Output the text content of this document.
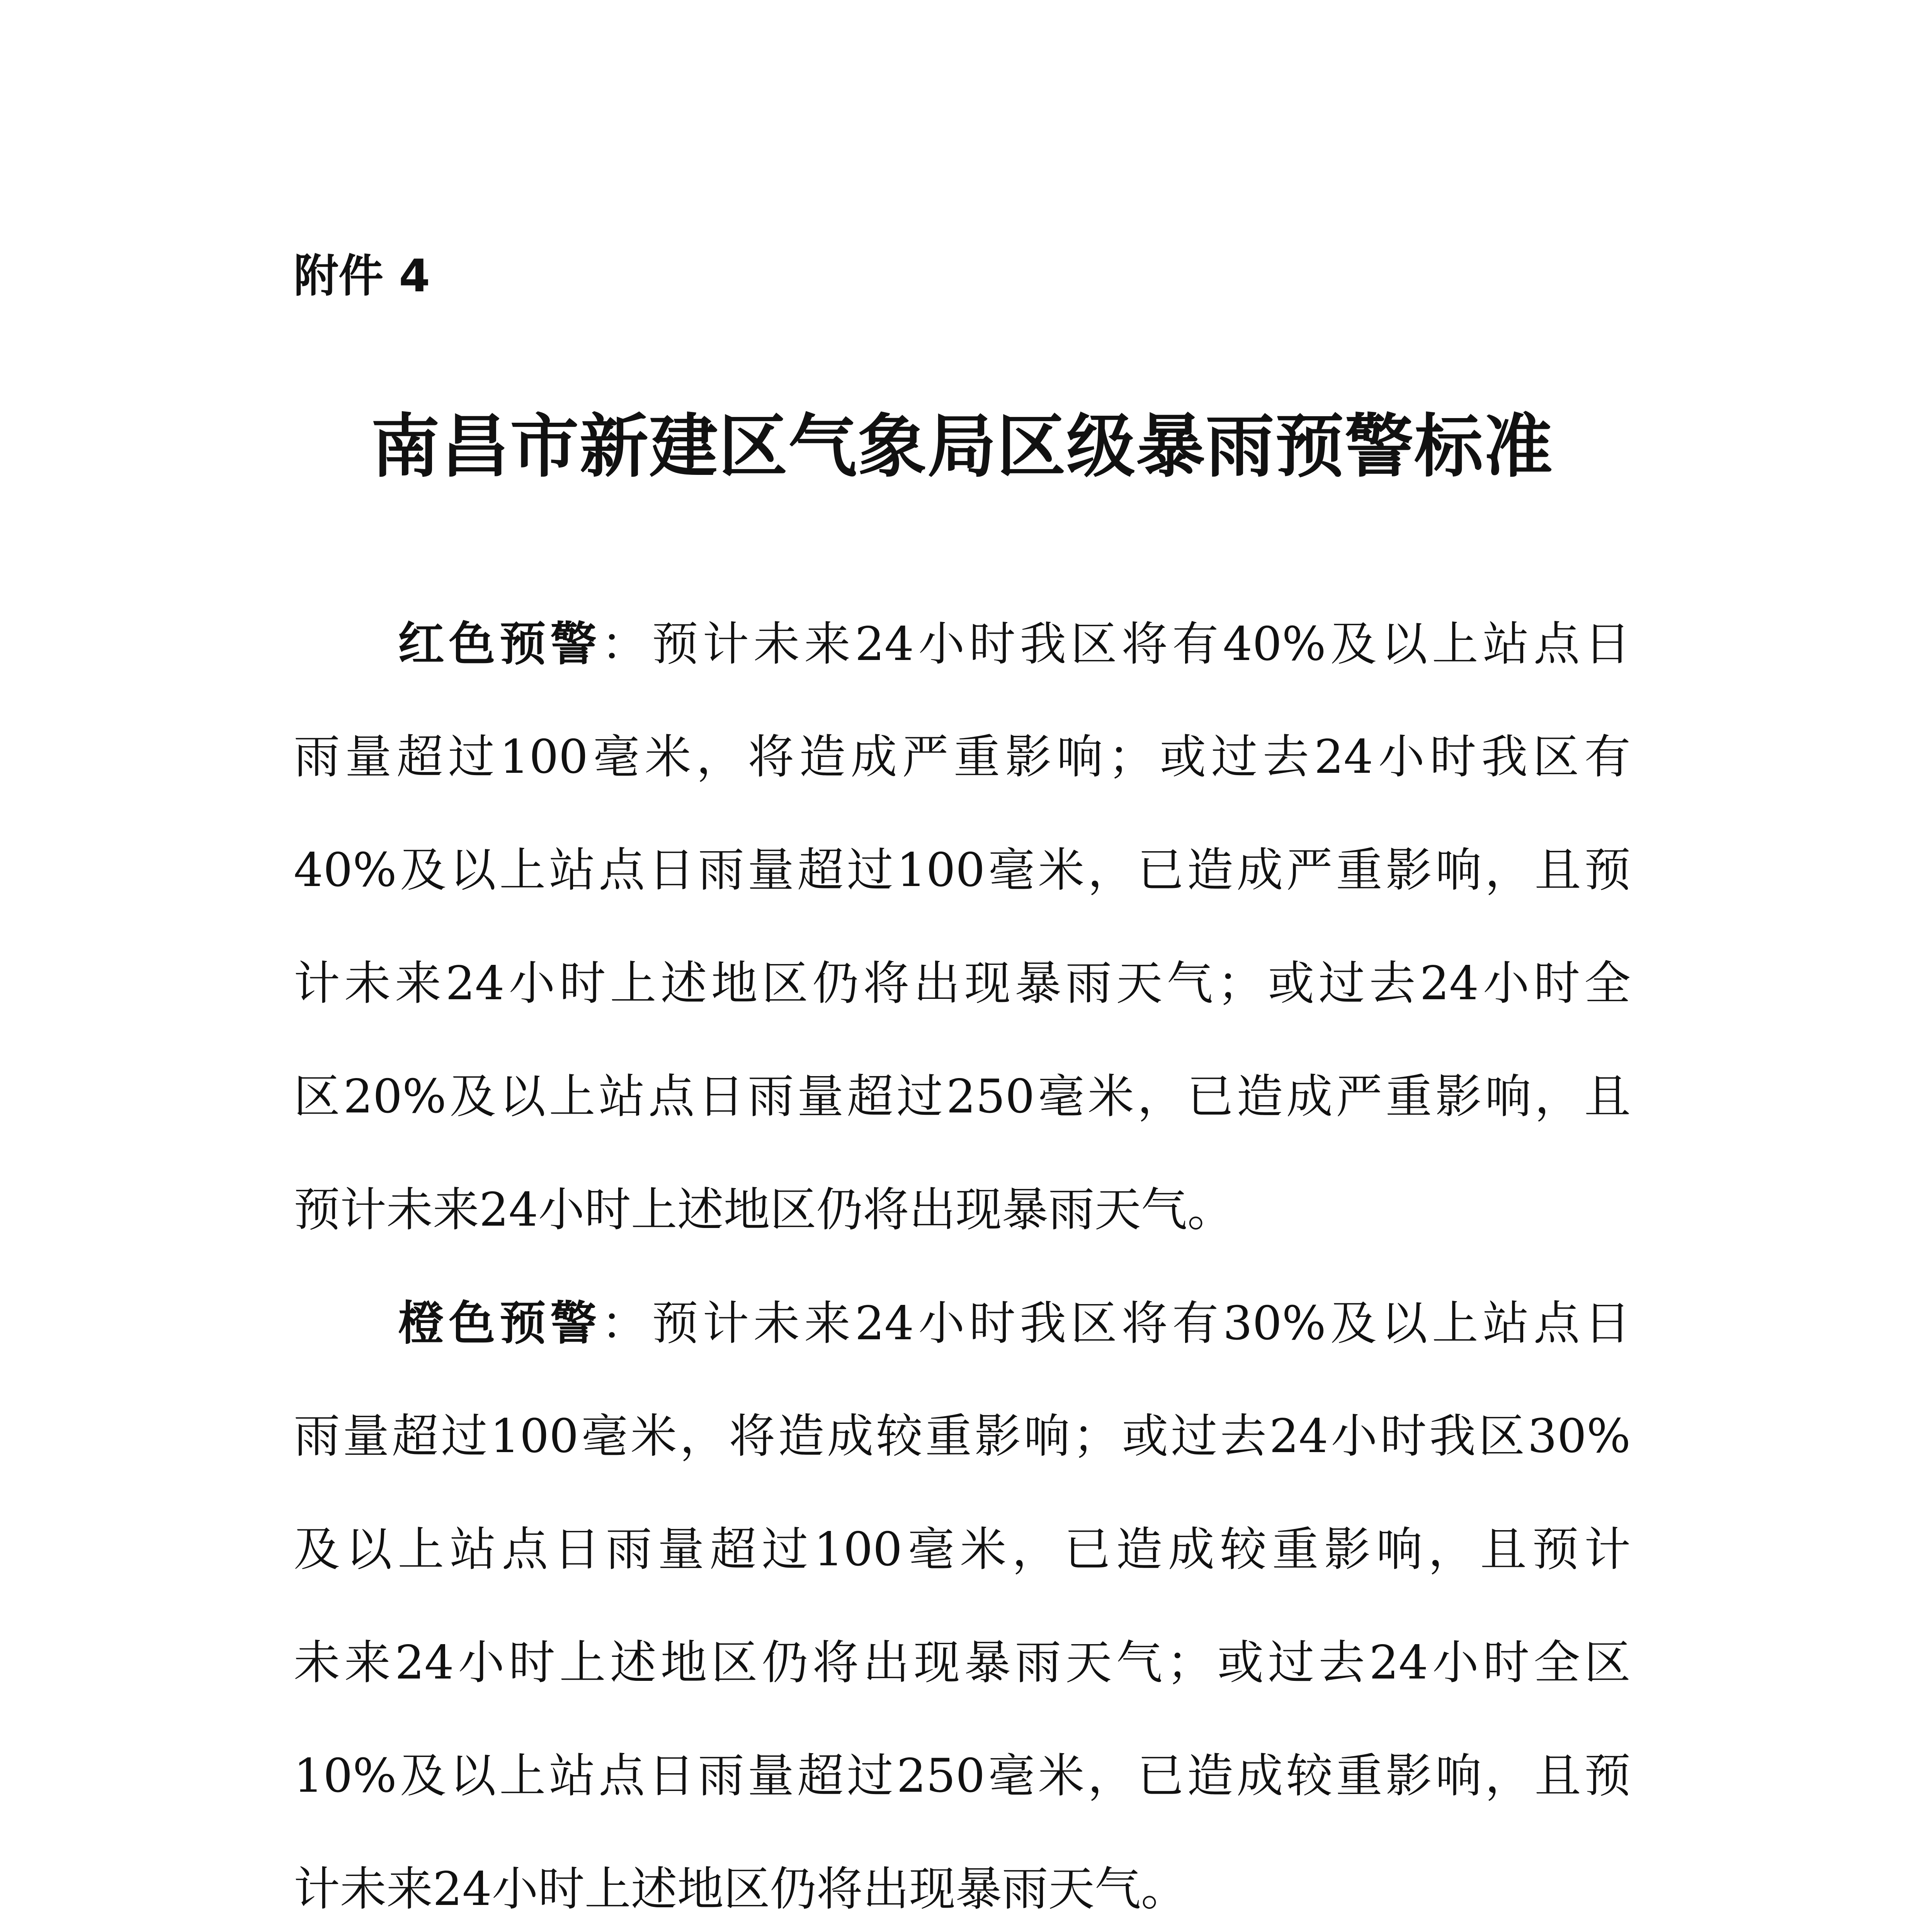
附件 4
南昌市新建区气象局区级暴雨预警标准
红色预警：预计未来24小时我区将有40%及以上站点日
雨量超过100毫米，将造成严重影响；或过去24小时我区有
40%及以上站点日雨量超过100毫米，已造成严重影响，且预
计未来24小时上述地区仍将出现暴雨天气；或过去24小时全
区20%及以上站点日雨量超过250毫米，已造成严重影响，且
预计未来24小时上述地区仍将出现暴雨天气。
橙色预警：预计未来24小时我区将有30%及以上站点日
雨量超过100毫米，将造成较重影响；或过去24小时我区30%
及以上站点日雨量超过100毫米，已造成较重影响，且预计
未来24小时上述地区仍将出现暴雨天气；或过去24小时全区
10%及以上站点日雨量超过250毫米，已造成较重影响，且预
计未来24小时上述地区仍将出现暴雨天气。
